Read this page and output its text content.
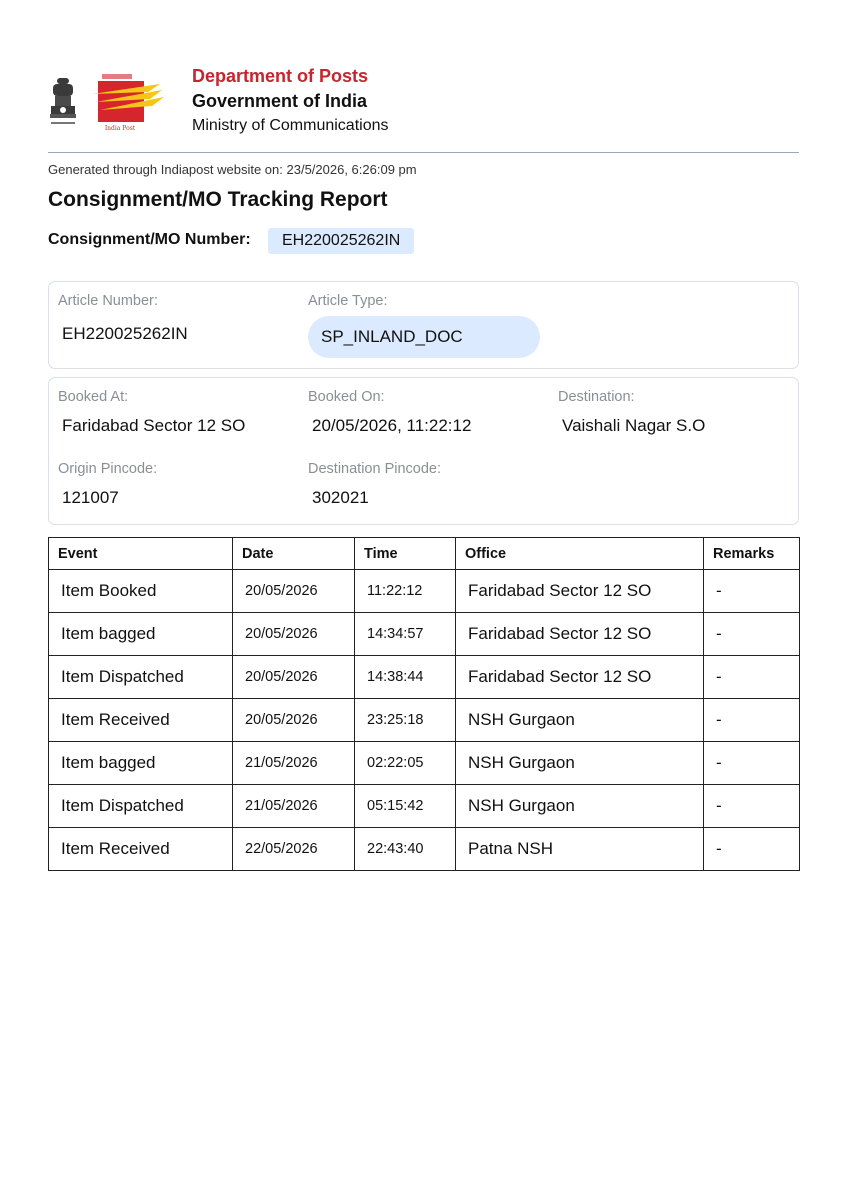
India Post
Department of Posts
Government of India
Ministry of Communications
Generated through Indiapost website on: 23/5/2026, 6:26:09 pm
Consignment/MO Tracking Report
Consignment/MO Number:	EH220025262IN
Article Number:
EH220025262IN
Article Type:
SP_INLAND_DOC
Booked At:
Faridabad Sector 12 SO
Booked On:
20/05/2026, 11:22:12
Destination:
Vaishali Nagar S.O
Origin Pincode:
121007
Destination Pincode:
302021
Event	Date	Time	Office	Remarks
Item Booked	20/05/2026	11:22:12	Faridabad Sector 12 SO	-
Item bagged	20/05/2026	14:34:57	Faridabad Sector 12 SO	-
Item Dispatched	20/05/2026	14:38:44	Faridabad Sector 12 SO	-
Item Received	20/05/2026	23:25:18	NSH Gurgaon	-
Item bagged	21/05/2026	02:22:05	NSH Gurgaon	-
Item Dispatched	21/05/2026	05:15:42	NSH Gurgaon	-
Item Received	22/05/2026	22:43:40	Patna NSH	-
